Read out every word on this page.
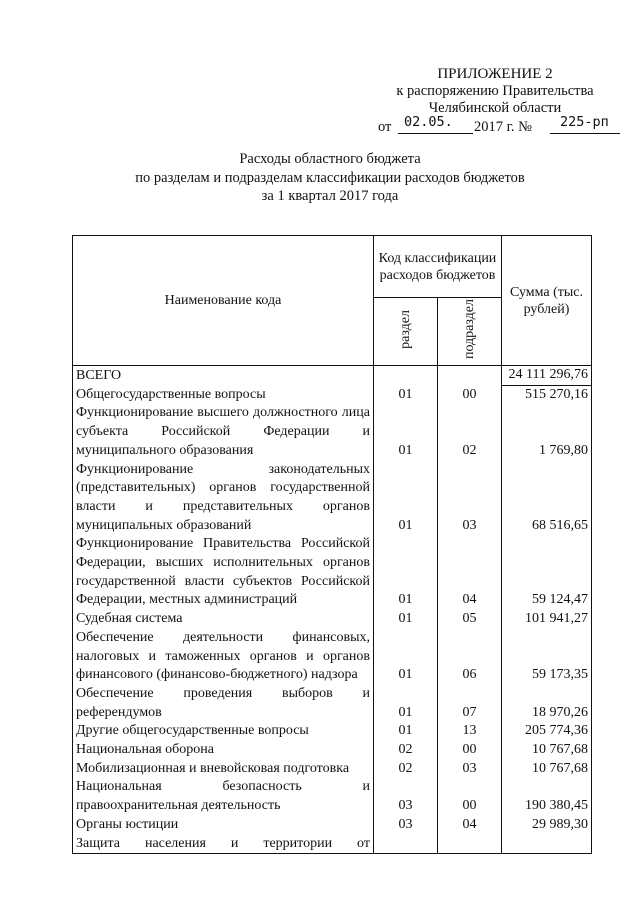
ПРИЛОЖЕНИЕ 2
к распоряжению Правительства
Челябинской области
от 02.05. 2017 г. № 225-рп
Расходы областного бюджета
по разделам и подразделам классификации расходов бюджетов
за 1 квартал 2017 года
Наименование кода	Код классификации расходов бюджетов		Сумма (тыс. рублей)
	раздел	подраздел	
ВСЕГО			24 111 296,76
Общегосударственные вопросы	01	00	515 270,16
Функционирование высшего должностного лица субъекта Российской Федерации и муниципального образования	01	02	1 769,80
Функционирование законодательных (представительных) органов государственной власти и представительных органов муниципальных образований	01	03	68 516,65
Функционирование Правительства Российской Федерации, высших исполнительных органов государственной власти субъектов Российской Федерации, местных администраций	01	04	59 124,47
Судебная система	01	05	101 941,27
Обеспечение деятельности финансовых, налоговых и таможенных органов и органов финансового (финансово-бюджетного) надзора	01	06	59 173,35
Обеспечение проведения выборов и референдумов	01	07	18 970,26
Другие общегосударственные вопросы	01	13	205 774,36
Национальная оборона	02	00	10 767,68
Мобилизационная и вневойсковая подготовка	02	03	10 767,68
Национальная безопасность и правоохранительная деятельность	03	00	190 380,45
Органы юстиции	03	04	29 989,30
Защита населения и территории от			
